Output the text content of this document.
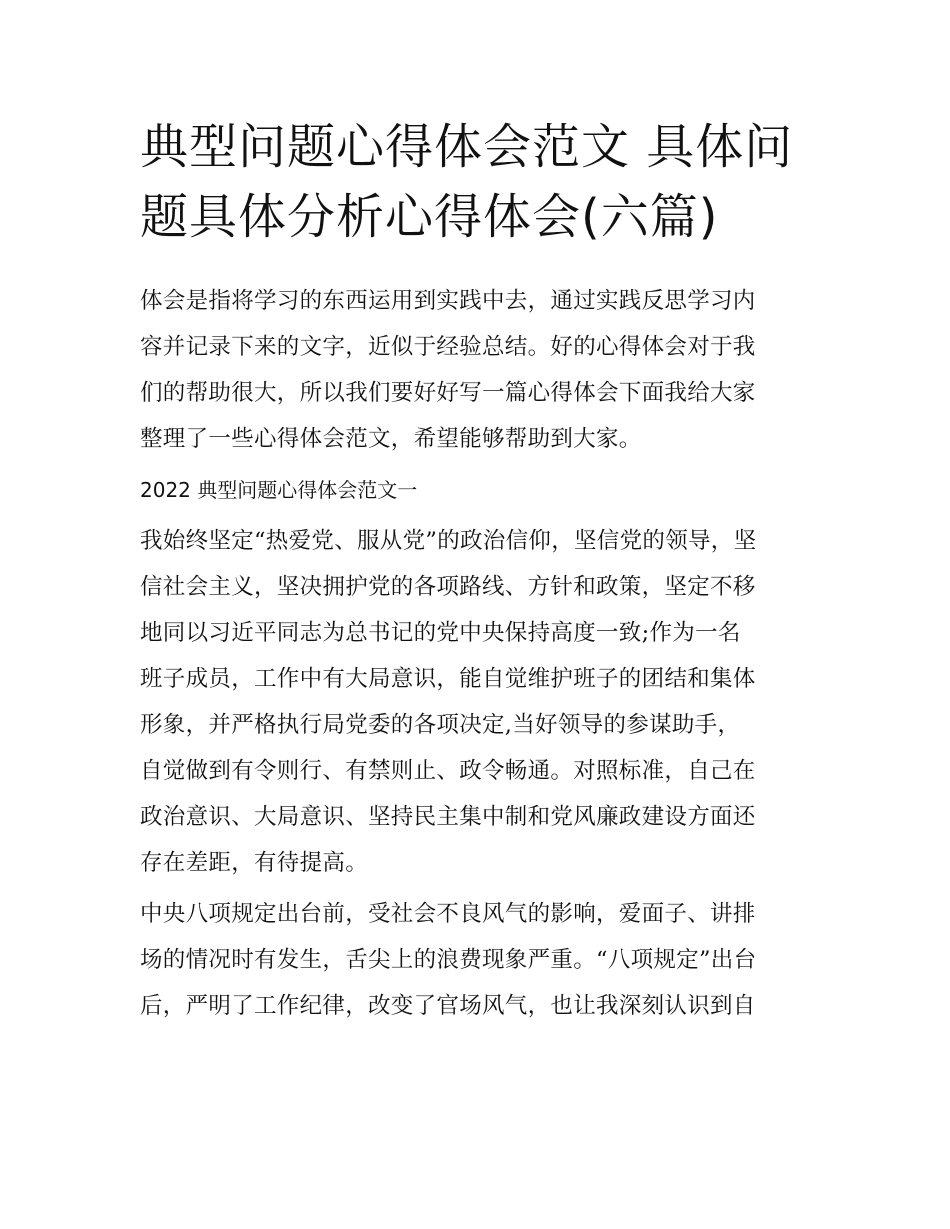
典型问题心得体会范文 具体问
题具体分析心得体会(六篇)

体会是指将学习的东西运用到实践中去，通过实践反思学习内
容并记录下来的文字，近似于经验总结。好的心得体会对于我
们的帮助很大，所以我们要好好写一篇心得体会下面我给大家
整理了一些心得体会范文，希望能够帮助到大家。

2022 典型问题心得体会范文一

我始终坚定“热爱党、服从党”的政治信仰，坚信党的领导，坚
信社会主义，坚决拥护党的各项路线、方针和政策，坚定不移
地同以习近平同志为总书记的党中央保持高度一致;作为一名
班子成员，工作中有大局意识，能自觉维护班子的团结和集体
形象，并严格执行局党委的各项决定,当好领导的参谋助手，
自觉做到有令则行、有禁则止、政令畅通。对照标准，自己在
政治意识、大局意识、坚持民主集中制和党风廉政建设方面还
存在差距，有待提高。

中央八项规定出台前，受社会不良风气的影响，爱面子、讲排
场的情况时有发生，舌尖上的浪费现象严重。“八项规定”出台
后，严明了工作纪律，改变了官场风气，也让我深刻认识到自
